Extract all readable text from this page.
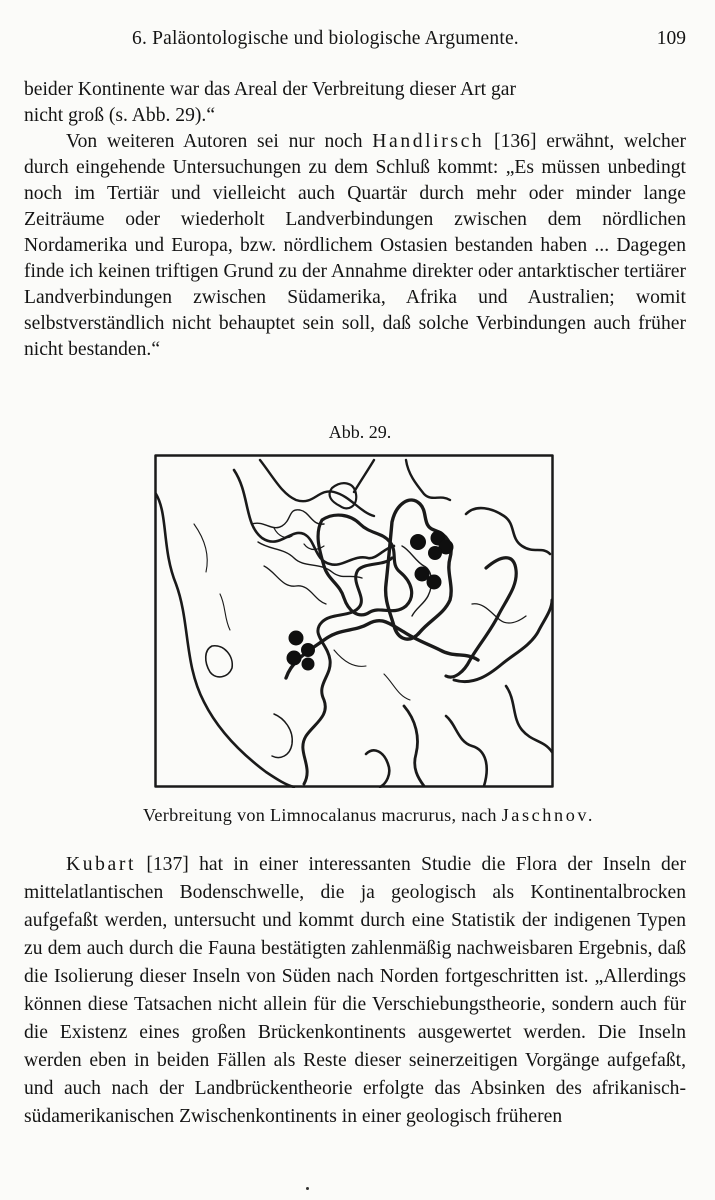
6. Paläontologische und biologische Argumente.	109

beider Kontinente war das Areal der Verbreitung dieser Art gar
nicht groß (s. Abb. 29).“

Von weiteren Autoren sei nur noch Handlirsch [136] erwähnt, welcher durch eingehende Untersuchungen zu dem Schluß kommt: „Es müssen unbedingt noch im Tertiär und vielleicht auch Quartär durch mehr oder minder lange Zeiträume oder wiederholt Landverbindungen zwischen dem nördlichen Nordamerika und Europa, bzw. nördlichem Ostasien bestanden haben ... Dagegen finde ich keinen triftigen Grund zu der Annahme direkter oder antarktischer tertiärer Landverbindungen zwischen Südamerika, Afrika und Australien; womit selbstverständlich nicht behauptet sein soll, daß solche Verbindungen auch früher nicht bestanden.“

Abb. 29.
Verbreitung von Limnocalanus macrurus, nach Jaschnov.

Kubart [137] hat in einer interessanten Studie die Flora der Inseln der mittelatlantischen Bodenschwelle, die ja geologisch als Kontinentalbrocken aufgefaßt werden, untersucht und kommt durch eine Statistik der indigenen Typen zu dem auch durch die Fauna bestätigten zahlenmäßig nachweisbaren Ergebnis, daß die Isolierung dieser Inseln von Süden nach Norden fortgeschritten ist. „Allerdings können diese Tatsachen nicht allein für die Verschiebungstheorie, sondern auch für die Existenz eines großen Brückenkontinents ausgewertet werden. Die Inseln werden eben in beiden Fällen als Reste dieser seinerzeitigen Vorgänge aufgefaßt, und auch nach der Landbrückentheorie erfolgte das Absinken des afrikanisch-südamerikanischen Zwischenkontinents in einer geologisch früheren
